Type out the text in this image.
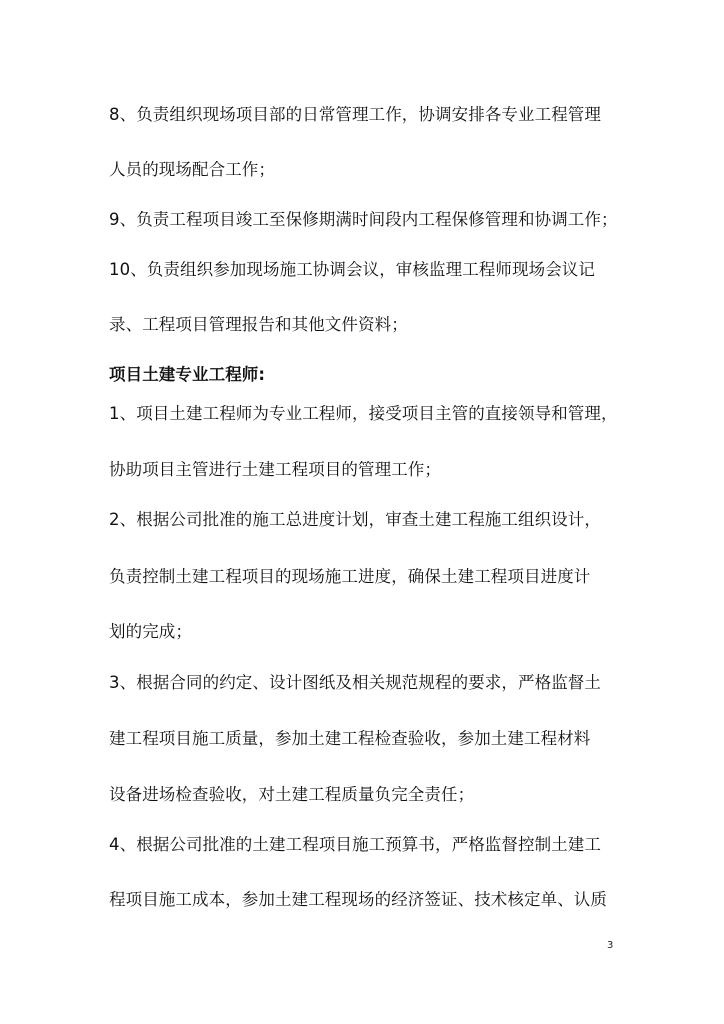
8、负责组织现场项目部的日常管理工作，协调安排各专业工程管理
人员的现场配合工作；
9、负责工程项目竣工至保修期满时间段内工程保修管理和协调工作；
10、负责组织参加现场施工协调会议，审核监理工程师现场会议记
录、工程项目管理报告和其他文件资料；
项目土建专业工程师:
1、项目土建工程师为专业工程师，接受项目主管的直接领导和管理，
协助项目主管进行土建工程项目的管理工作；
2、根据公司批准的施工总进度计划，审查土建工程施工组织设计，
负责控制土建工程项目的现场施工进度，确保土建工程项目进度计
划的完成；
3、根据合同的约定、设计图纸及相关规范规程的要求，严格监督土
建工程项目施工质量，参加土建工程检查验收，参加土建工程材料
设备进场检查验收，对土建工程质量负完全责任；
4、根据公司批准的土建工程项目施工预算书，严格监督控制土建工
程项目施工成本，参加土建工程现场的经济签证、技术核定单、认质
3
